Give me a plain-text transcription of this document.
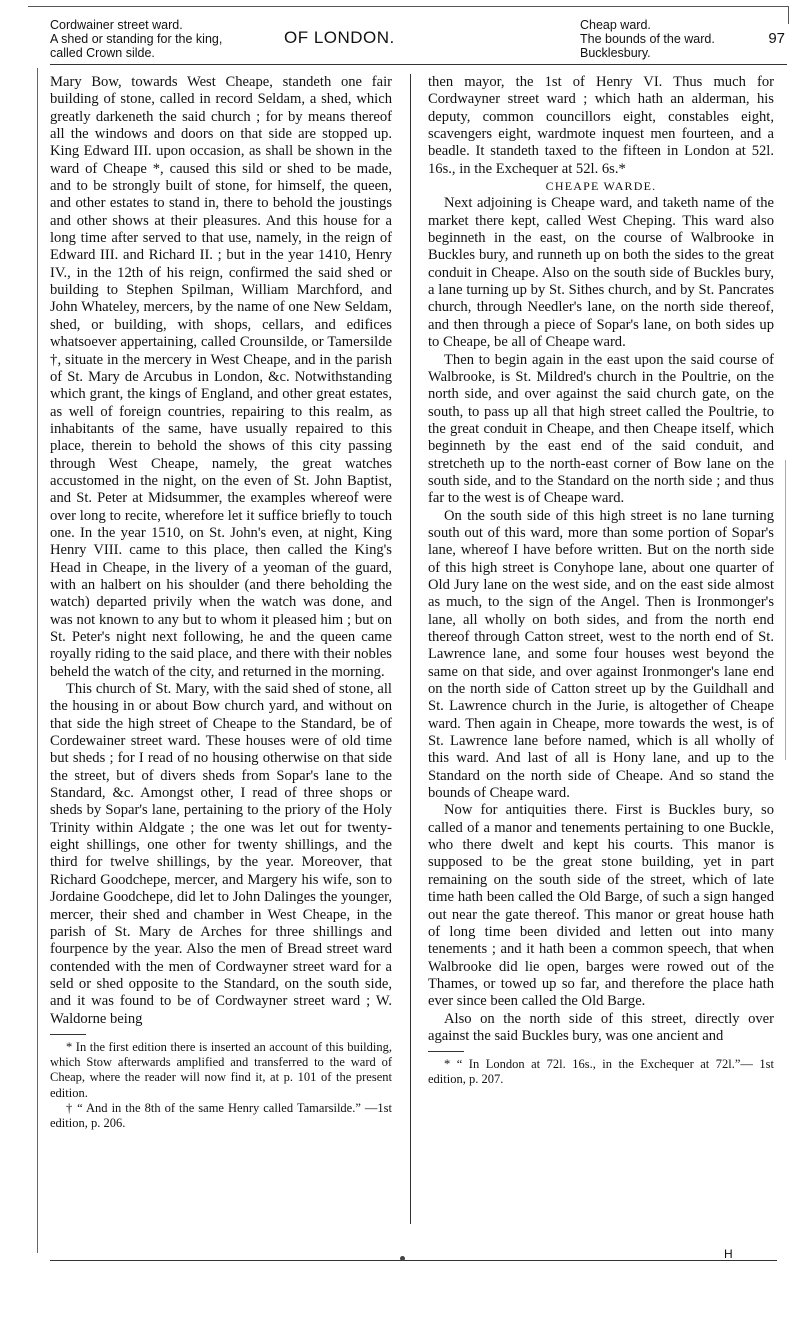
Cordwainer street ward.
A shed or standing for the king,
called Crown silde.
OF LONDON.
Cheap ward.
The bounds of the ward.
Bucklesbury.
97

Mary Bow, towards West Cheape, standeth one fair building of stone, called in record Seldam, a shed, which greatly darkeneth the said church ; for by means thereof all the windows and doors on that side are stopped up. King Edward III. upon occasion, as shall be shown in the ward of Cheape *, caused this sild or shed to be made, and to be strongly built of stone, for himself, the queen, and other estates to stand in, there to behold the joustings and other shows at their pleasures. And this house for a long time after served to that use, namely, in the reign of Edward III. and Richard II. ; but in the year 1410, Henry IV., in the 12th of his reign, confirmed the said shed or building to Stephen Spilman, William Marchford, and John Whateley, mercers, by the name of one New Seldam, shed, or building, with shops, cellars, and edifices whatsoever appertaining, called Crounsilde, or Tamersilde †, situate in the mercery in West Cheape, and in the parish of St. Mary de Arcubus in London, &c. Notwithstanding which grant, the kings of England, and other great estates, as well of foreign countries, repairing to this realm, as inhabitants of the same, have usually repaired to this place, therein to behold the shows of this city passing through West Cheape, namely, the great watches accustomed in the night, on the even of St. John Baptist, and St. Peter at Midsummer, the examples whereof were over long to recite, wherefore let it suffice briefly to touch one. In the year 1510, on St. John's even, at night, King Henry VIII. came to this place, then called the King's Head in Cheape, in the livery of a yeoman of the guard, with an halbert on his shoulder (and there beholding the watch) departed privily when the watch was done, and was not known to any but to whom it pleased him ; but on St. Peter's night next following, he and the queen came royally riding to the said place, and there with their nobles beheld the watch of the city, and returned in the morning.

This church of St. Mary, with the said shed of stone, all the housing in or about Bow church yard, and without on that side the high street of Cheape to the Standard, be of Cordewainer street ward. These houses were of old time but sheds ; for I read of no housing otherwise on that side the street, but of divers sheds from Sopar's lane to the Standard, &c. Amongst other, I read of three shops or sheds by Sopar's lane, pertaining to the priory of the Holy Trinity within Aldgate ; the one was let out for twenty-eight shillings, one other for twenty shillings, and the third for twelve shillings, by the year. Moreover, that Richard Goodchepe, mercer, and Margery his wife, son to Jordaine Goodchepe, did let to John Dalinges the younger, mercer, their shed and chamber in West Cheape, in the parish of St. Mary de Arches for three shillings and fourpence by the year. Also the men of Bread street ward contended with the men of Cordwayner street ward for a seld or shed opposite to the Standard, on the south side, and it was found to be of Cordwayner street ward ; W. Waldorne being

* In the first edition there is inserted an account of this building, which Stow afterwards amplified and transferred to the ward of Cheap, where the reader will now find it, at p. 101 of the present edition.

† “ And in the 8th of the same Henry called Tamarsilde.” —1st edition, p. 206.

then mayor, the 1st of Henry VI. Thus much for Cordwayner street ward ; which hath an alderman, his deputy, common councillors eight, constables eight, scavengers eight, wardmote inquest men fourteen, and a beadle. It standeth taxed to the fifteen in London at 52l. 16s., in the Exchequer at 52l. 6s.*

CHEAPE WARDE.

Next adjoining is Cheape ward, and taketh name of the market there kept, called West Cheping. This ward also beginneth in the east, on the course of Walbrooke in Buckles bury, and runneth up on both the sides to the great conduit in Cheape. Also on the south side of Buckles bury, a lane turning up by St. Sithes church, and by St. Pancrates church, through Needler's lane, on the north side thereof, and then through a piece of Sopar's lane, on both sides up to Cheape, be all of Cheape ward.

Then to begin again in the east upon the said course of Walbrooke, is St. Mildred's church in the Poultrie, on the north side, and over against the said church gate, on the south, to pass up all that high street called the Poultrie, to the great conduit in Cheape, and then Cheape itself, which beginneth by the east end of the said conduit, and stretcheth up to the north-east corner of Bow lane on the south side, and to the Standard on the north side ; and thus far to the west is of Cheape ward.

On the south side of this high street is no lane turning south out of this ward, more than some portion of Sopar's lane, whereof I have before written. But on the north side of this high street is Conyhope lane, about one quarter of Old Jury lane on the west side, and on the east side almost as much, to the sign of the Angel. Then is Ironmonger's lane, all wholly on both sides, and from the north end thereof through Catton street, west to the north end of St. Lawrence lane, and some four houses west beyond the same on that side, and over against Ironmonger's lane end on the north side of Catton street up by the Guildhall and St. Lawrence church in the Jurie, is altogether of Cheape ward. Then again in Cheape, more towards the west, is of St. Lawrence lane before named, which is all wholly of this ward. And last of all is Hony lane, and up to the Standard on the north side of Cheape. And so stand the bounds of Cheape ward.

Now for antiquities there. First is Buckles bury, so called of a manor and tenements pertaining to one Buckle, who there dwelt and kept his courts. This manor is supposed to be the great stone building, yet in part remaining on the south side of the street, which of late time hath been called the Old Barge, of such a sign hanged out near the gate thereof. This manor or great house hath of long time been divided and letten out into many tenements ; and it hath been a common speech, that when Walbrooke did lie open, barges were rowed out of the Thames, or towed up so far, and therefore the place hath ever since been called the Old Barge.

Also on the north side of this street, directly over against the said Buckles bury, was one ancient and

* “ In London at 72l. 16s., in the Exchequer at 72l.”— 1st edition, p. 207.

H
